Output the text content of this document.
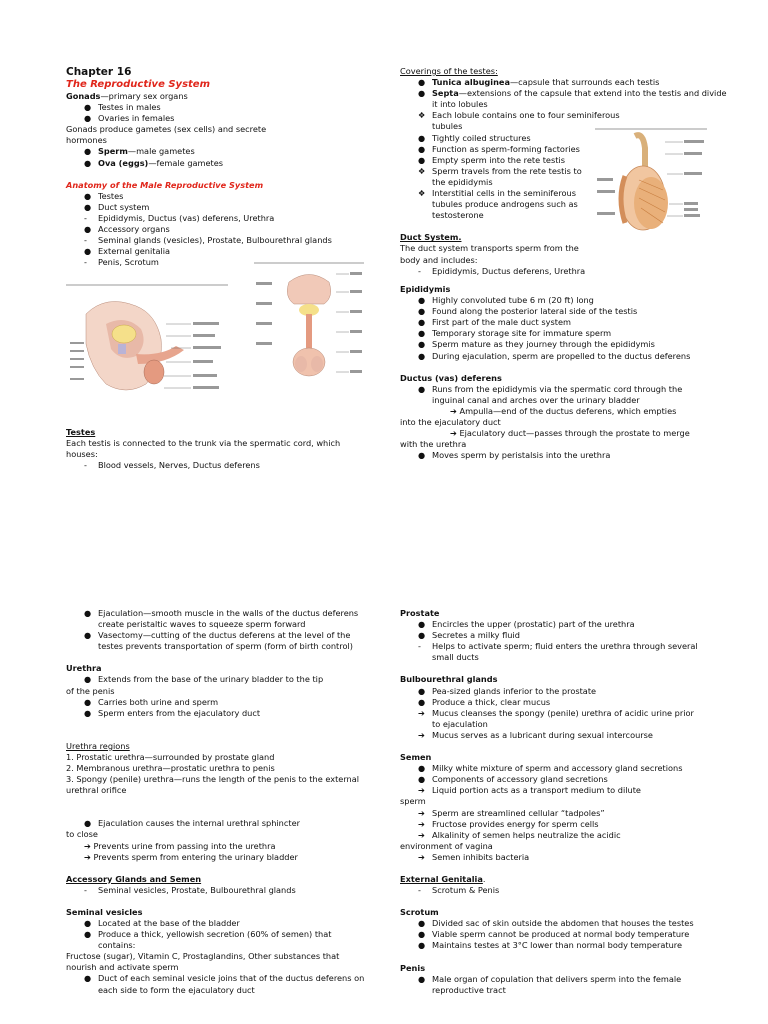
Chapter 16
The Reproductive System

Gonads—primary sex organs

● Testes in males
● Ovaries in females

Gonads produce gametes (sex cells) and secrete hormones

● Sperm—male gametes
● Ova (eggs)—female gametes

Anatomy of the Male Reproductive System

● Testes
● Duct system
- Epididymis, Ductus (vas) deferens, Urethra
● Accessory organs
- Seminal glands (vesicles), Prostate, Bulbourethral glands
● External genitalia
- Penis, Scrotum

Testes

Each testis is connected to the trunk via the spermatic cord, which houses:

- Blood vessels, Nerves, Ductus deferens

Coverings of the testes:

● Tunica albuginea—capsule that surrounds each testis
● Septa—extensions of the capsule that extend into the testis and divide it into lobules
❖ Each lobule contains one to four seminiferous tubules
● Tightly coiled structures
● Function as sperm-forming factories
● Empty sperm into the rete testis
❖ Sperm travels from the rete testis to the epididymis
❖ Interstitial cells in the seminiferous tubules produce androgens such as testosterone

Duct System.

The duct system transports sperm from the body and includes:

- Epididymis, Ductus deferens, Urethra

Epididymis

● Highly convoluted tube 6 m (20 ft) long
● Found along the posterior lateral side of the testis
● First part of the male duct system
● Temporary storage site for immature sperm
● Sperm mature as they journey through the epididymis
● During ejaculation, sperm are propelled to the ductus deferens

Ductus (vas) deferens

● Runs from the epididymis via the spermatic cord through the inguinal canal and arches over the urinary bladder

➔ Ampulla—end of the ductus deferens, which empties

into the ejaculatory duct

➔ Ejaculatory duct—passes through the prostate to merge

with the urethra

● Moves sperm by peristalsis into the urethra
● Ejaculation—smooth muscle in the walls of the ductus deferens create peristaltic waves to squeeze sperm forward
● Vasectomy—cutting of the ductus deferens at the level of the testes prevents transportation of sperm (form of birth control)

Urethra

● Extends from the base of the urinary bladder to the tip

of the penis

● Carries both urine and sperm
● Sperm enters from the ejaculatory duct

Urethra regions

1. Prostatic urethra—surrounded by prostate gland

2. Membranous urethra—prostatic urethra to penis

3. Spongy (penile) urethra—runs the length of the penis to the external urethral orifice

● Ejaculation causes the internal urethral sphincter

to close

➔ Prevents urine from passing into the urethra

➔ Prevents sperm from entering the urinary bladder

Accessory Glands and Semen

- Seminal vesicles, Prostate, Bulbourethral glands

Seminal vesicles

● Located at the base of the bladder
● Produce a thick, yellowish secretion (60% of semen) that contains:

Fructose (sugar), Vitamin C, Prostaglandins, Other substances that nourish and activate sperm

● Duct of each seminal vesicle joins that of the ductus deferens on each side to form the ejaculatory duct

Prostate

● Encircles the upper (prostatic) part of the urethra
● Secretes a milky fluid
- Helps to activate sperm; fluid enters the urethra through several small ducts

Bulbourethral glands

● Pea-sized glands inferior to the prostate
● Produce a thick, clear mucus
➔ Mucus cleanses the spongy (penile) urethra of acidic urine prior to ejaculation
➔ Mucus serves as a lubricant during sexual intercourse

Semen

● Milky white mixture of sperm and accessory gland secretions
● Components of accessory gland secretions
➔ Liquid portion acts as a transport medium to dilute

sperm

➔ Sperm are streamlined cellular “tadpoles”
➔ Fructose provides energy for sperm cells
➔ Alkalinity of semen helps neutralize the acidic

environment of vagina

➔ Semen inhibits bacteria

External Genitalia.

- Scrotum & Penis

Scrotum

● Divided sac of skin outside the abdomen that houses the testes
● Viable sperm cannot be produced at normal body temperature
● Maintains testes at 3°C lower than normal body temperature

Penis

● Male organ of copulation that delivers sperm into the female reproductive tract
